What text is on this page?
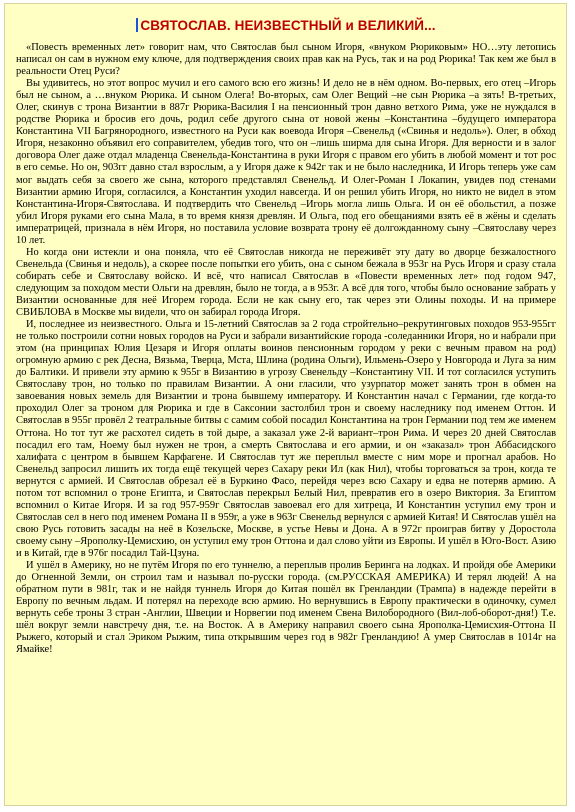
СВЯТОСЛАВ. НЕИЗВЕСТНЫЙ и ВЕЛИКИЙ...

«Повесть временных лет» говорит нам, что Святослав был сыном Игоря, «внуком Рюриковым» НО…эту летопись написал он сам в нужном ему ключе, для подтверждения своих прав как на Русь, так и на род Рюрика! Так кем же был в реальности Отец Руси?

Вы удивитесь, но этот вопрос мучил и его самого всю его жизнь! И дело не в нём одном. Во-первых, его отец –Игорь был не сыном, а …внуком Рюрика. И сыном Олега! Во-вторых, сам Олег Вещий –не сын Рюрика –а зять! В-третьих, Олег, скинув с трона Византии в 887г Рюрика-Василия I на пенсионный трон давно ветхого Рима, уже не нуждался в родстве Рюрика и бросив его дочь, родил себе другого сына от новой жены –Константина –будущего императора Константина VII Багрянородного, известного на Руси как воевода Игоря –Свенельд («Свинья и недоль»). Олег, в обход Игоря, незаконно объявил его соправителем, убедив того, что он –лишь ширма для сына Игоря. Для верности и в залог договора Олег даже отдал младенца Свенельда-Константина в руки Игоря с правом его убить в любой момент и тот рос в его семье. Но он, 903гг давно стал взрослым, а у Игоря даже к 942г так и не было наследника, И Игорь теперь уже сам мог выдать себя за своего же сына, которого представлял Свенельд. И Олег-Роман I Локапин, увидев под стенами Византии армию Игоря, согласился, а Константин уходил навсегда. И он решил убить Игоря, но никто не видел в этом Константина-Игоря-Святослава. И подтвердить что Свенельд –Игорь могла лишь Ольга. И он её обольстил, а позже убил Игоря руками его сына Мала, в то время князя древлян. И Ольга, под его обещаниями взять её в жёны и сделать императрицей, признала в нём Игоря, но поставила условие возврата трону её долгожданному сыну –Святославу через 10 лет.

Но когда они истекли и она поняла, что её Святослав никогда не переживёт эту дату во дворце безжалостного Свенельда (Свинья и недоль), а скорее после попытки его убить, она с сыном бежала в 953г на Русь Игоря и сразу стала собирать себе и Святославу войско. И всё, что написал Святослав в «Повести временных лет» под годом 947, следующим за походом мести Ольги на древлян, было не тогда, а в 953г. А всё для того, чтобы было основание забрать у Византии основанные для неё Игорем города. Если не как сыну его, так через эти Олины походы. И на примере СВИБЛОВА в Москве мы видели, что он забирал города Игоря.

И, последнее из неизвестного. Ольга и 15-летний Святослав за 2 года стройтельно–рекрутинговых походов 953-955гг не только построили сотни новых городов на Руси и забрали византийские города -соледанники Игоря, но и набрали при этом (на принципах Юлия Цезаря и Игоря оплаты воинов пенсионным городом у реки с вечным правом на род) огромную армию с рек Десна, Вязьма, Тверца, Мста, Шлина (родина Ольги), Ильмень-Озеро у Новгорода и Луга за ним до Балтики. И привели эту армию к 955г в Византию в угрозу Свенельду –Константину VII. И тот согласился уступить Святославу трон, но только по правилам Византии. А они гласили, что узурпатор может занять трон в обмен на завоевания новых земель для Византии и трона бывшему императору. И Константин начал с Германии, где когда-то проходил Олег за троном для Рюрика и где в Саксонии застолбил трон и своему наследнику под именем Оттон. И Святослав в 955г провёл 2 театральные битвы с самим собой посадил Константина на трон Германии под тем же именем Оттона. Но тот тут же расхотел сидеть в той дыре, а заказал уже 2-й вариант–трон Рима. И через 20 дней Святослав посадил его там, Ноему был нужен не трон, а смерть Святослава и его армии, и он «заказал» трон Аббасидского халифата с центром в бывшем Карфагене. И Святослав тут же переплыл вместе с ним море и прогнал арабов. Но Свенельд запросил лишить их тогда ещё текущей через Сахару реки Ил (как Нил), чтобы торговаться за трон, когда те вернутся с армией. И Святослав обрезал её в Буркино Фасо, перейдя через всю Сахару и едва не потеряв армию. А потом тот вспомнил о троне Египта, и Святослав перекрыл Белый Нил, превратив его в озеро Виктория. За Египтом вспомнил о Китае Игоря. И за год 957-959г Святослав завоевал его для хитреца, И Константин уступил ему трон и Святослав сел в него под именем Романа II в 959г, а уже в 963г Свенельд вернулся с армией Китая! И Святослав ушёл на свою Русь готовить засады на неё в Козельске, Москве, в устье Невы и Дона. А в 972г проиграв битву у Доростола своему сыну –Ярополку-Цемисхию, он уступил ему трон Оттона и дал слово уйти из Европы. И ушёл в Юго-Вост. Азию и в Китай, где в 976г посадил Тай-Цзуна.

И ушёл в Америку, но не путём Игоря по его туннелю, а переплыв пролив Беринга на лодках. И пройдя обе Америки до Огненной Земли, он строил там и называл по-русски города. (см.РУССКАЯ АМЕРИКА) И терял людей! А на обратном пути в 981г, так и не найдя туннель Игоря до Китая пошёл вк Гренландии (Трампа) в надежде перейти в Европу по вечным льдам. И потерял на переходе всю армию. Но вернувшись в Европу практически в одиночку, сумел вернуть себе троны 3 стран -Англии, Швеции и Норвегии под именем Свена Вилобородного (Вил-лоб-оборот-дня!) Т.е. шёл вокруг земли навстречу дня, т.е. на Восток. А в Америку направил своего сына Ярополка-Цемисхия-Оттона II Рыжего, который и стал Эриком Рыжим, типа открывшим через год в 982г Гренландию! А умер Святослав в 1014г на Ямайке!
